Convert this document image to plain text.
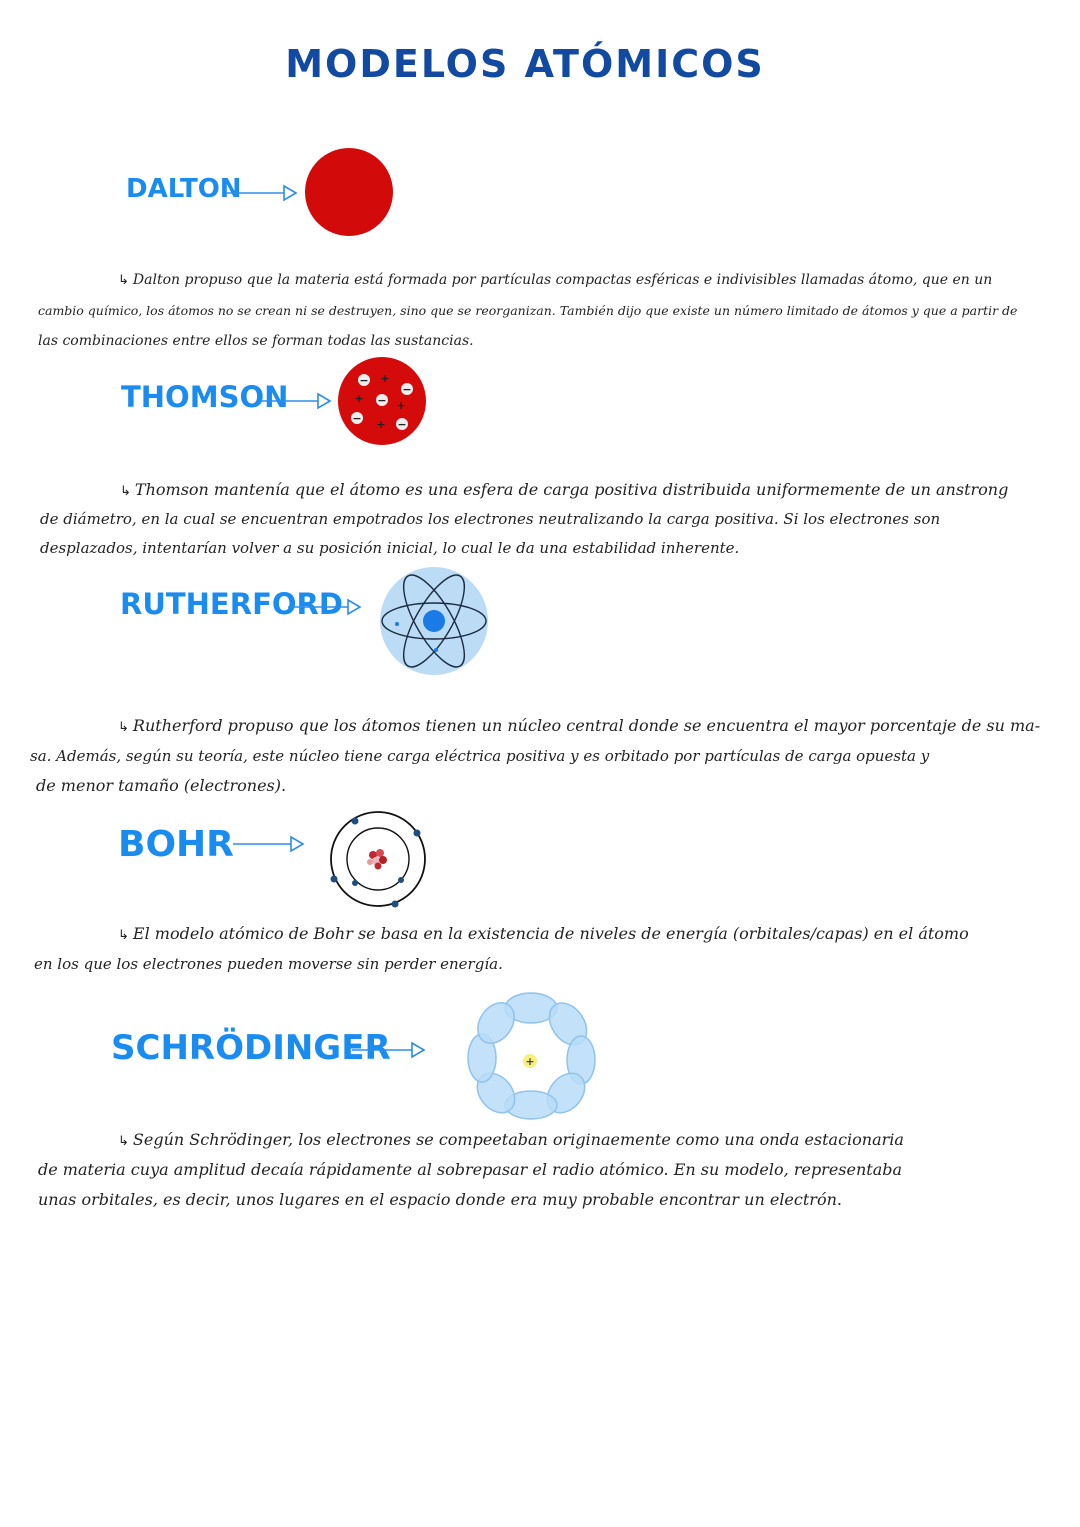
MODELOS ATÓMICOS
DALTON
↳ Dalton propuso que la materia está formada por partículas compactas esféricas e indivisibles llamadas átomo, que en un
cambio químico, los átomos no se crean ni se destruyen, sino que se reorganizan. También dijo que existe un número limitado de átomos y que a partir de
las combinaciones entre ellos se forman todas las sustancias.
THOMSON	− +
−
+ − +
− + −
↳ Thomson mantenía que el átomo es una esfera de carga positiva distribuida uniformemente de un anstrong
de diámetro, en la cual se encuentran empotrados los electrones neutralizando la carga positiva. Si los electrones son
desplazados, intentarían volver a su posición inicial, lo cual le da una estabilidad inherente.
RUTHERFORD
↳ Rutherford propuso que los átomos tienen un núcleo central donde se encuentra el mayor porcentaje de su ma-
sa. Además, según su teoría, este núcleo tiene carga eléctrica positiva y es orbitado por partículas de carga opuesta y
de menor tamaño (electrones).
BOHR
↳ El modelo atómico de Bohr se basa en la existencia de niveles de energía (orbitales/capas) en el átomo
en los que los electrones pueden moverse sin perder energía.
SCHRÖDINGER	+
↳ Según Schrödinger, los electrones se compeetaban originaemente como una onda estacionaria
de materia cuya amplitud decaía rápidamente al sobrepasar el radio atómico. En su modelo, representaba
unas orbitales, es decir, unos lugares en el espacio donde era muy probable encontrar un electrón.
